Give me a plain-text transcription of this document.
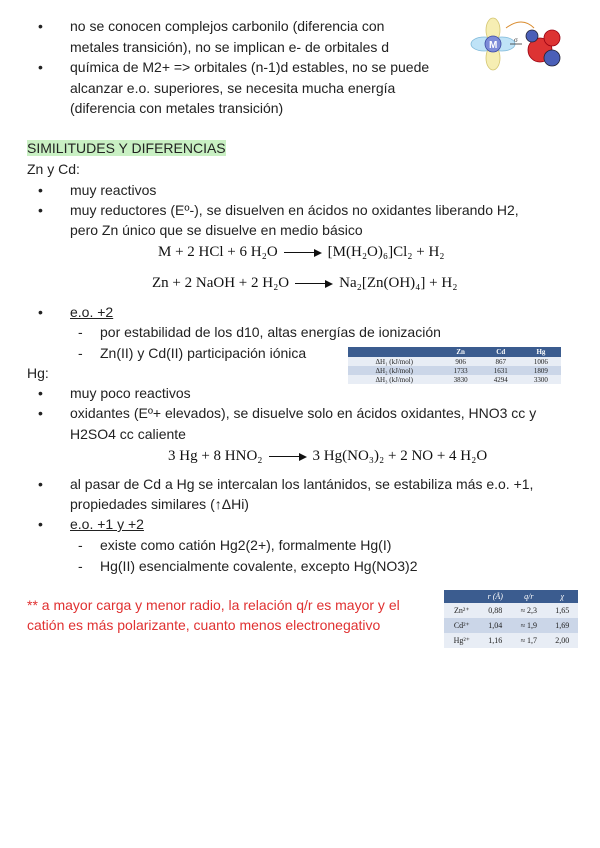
• no se conocen complejos carbonilo (diferencia con
metales transición), no se implican e- de orbitales d
• química de M2+ => orbitales (n-1)d estables, no se puede
alcanzar e.o. superiores, se necesita mucha energía
(diferencia con metales transición)
M σ
SIMILITUDES Y DIFERENCIAS
Zn y Cd:
• muy reactivos
• muy reductores (Eº-), se disuelven en ácidos no oxidantes liberando H2,
pero Zn único que se disuelve en medio básico
M + 2 HCl + 6 H₂O	[M(H₂O)₆]Cl₂ + H₂
Zn + 2 NaOH + 2 H₂O	Na₂[Zn(OH)₄] + H₂
• e.o. +2
- por estabilidad de los d10, altas energías de ionización
- Zn(II) y Cd(II) participación iónica
		Zn	Cd	Hg
ΔH₁ (kJ/mol)	906	867	1006
ΔH₂ (kJ/mol)	1733	1631	1809
ΔH₃ (kJ/mol)	3830	4294	3300
Hg:
• muy poco reactivos
• oxidantes (Eº+ elevados), se disuelve solo en ácidos oxidantes, HNO3 cc y
H2SO4 cc caliente
3 Hg + 8 HNO₂	3 Hg(NO₃)₂ + 2 NO + 4 H₂O
• al pasar de Cd a Hg se intercalan los lantánidos, se estabiliza más e.o. +1,
propiedades similares (↑ΔHi)
• e.o. +1 y +2
- existe como catión Hg2(2+), formalmente Hg(I)
- Hg(II) esencialmente covalente, excepto Hg(NO3)2
** a mayor carga y menor radio, la relación q/r es mayor y el
catión es más polarizante, cuanto menos electronegativo
	r (Å)	q/r	χ
Zn²⁺	0,88	≈ 2,3	1,65
Cd²⁺	1,04	≈ 1,9	1,69
Hg²⁺	1,16	≈ 1,7	2,00
